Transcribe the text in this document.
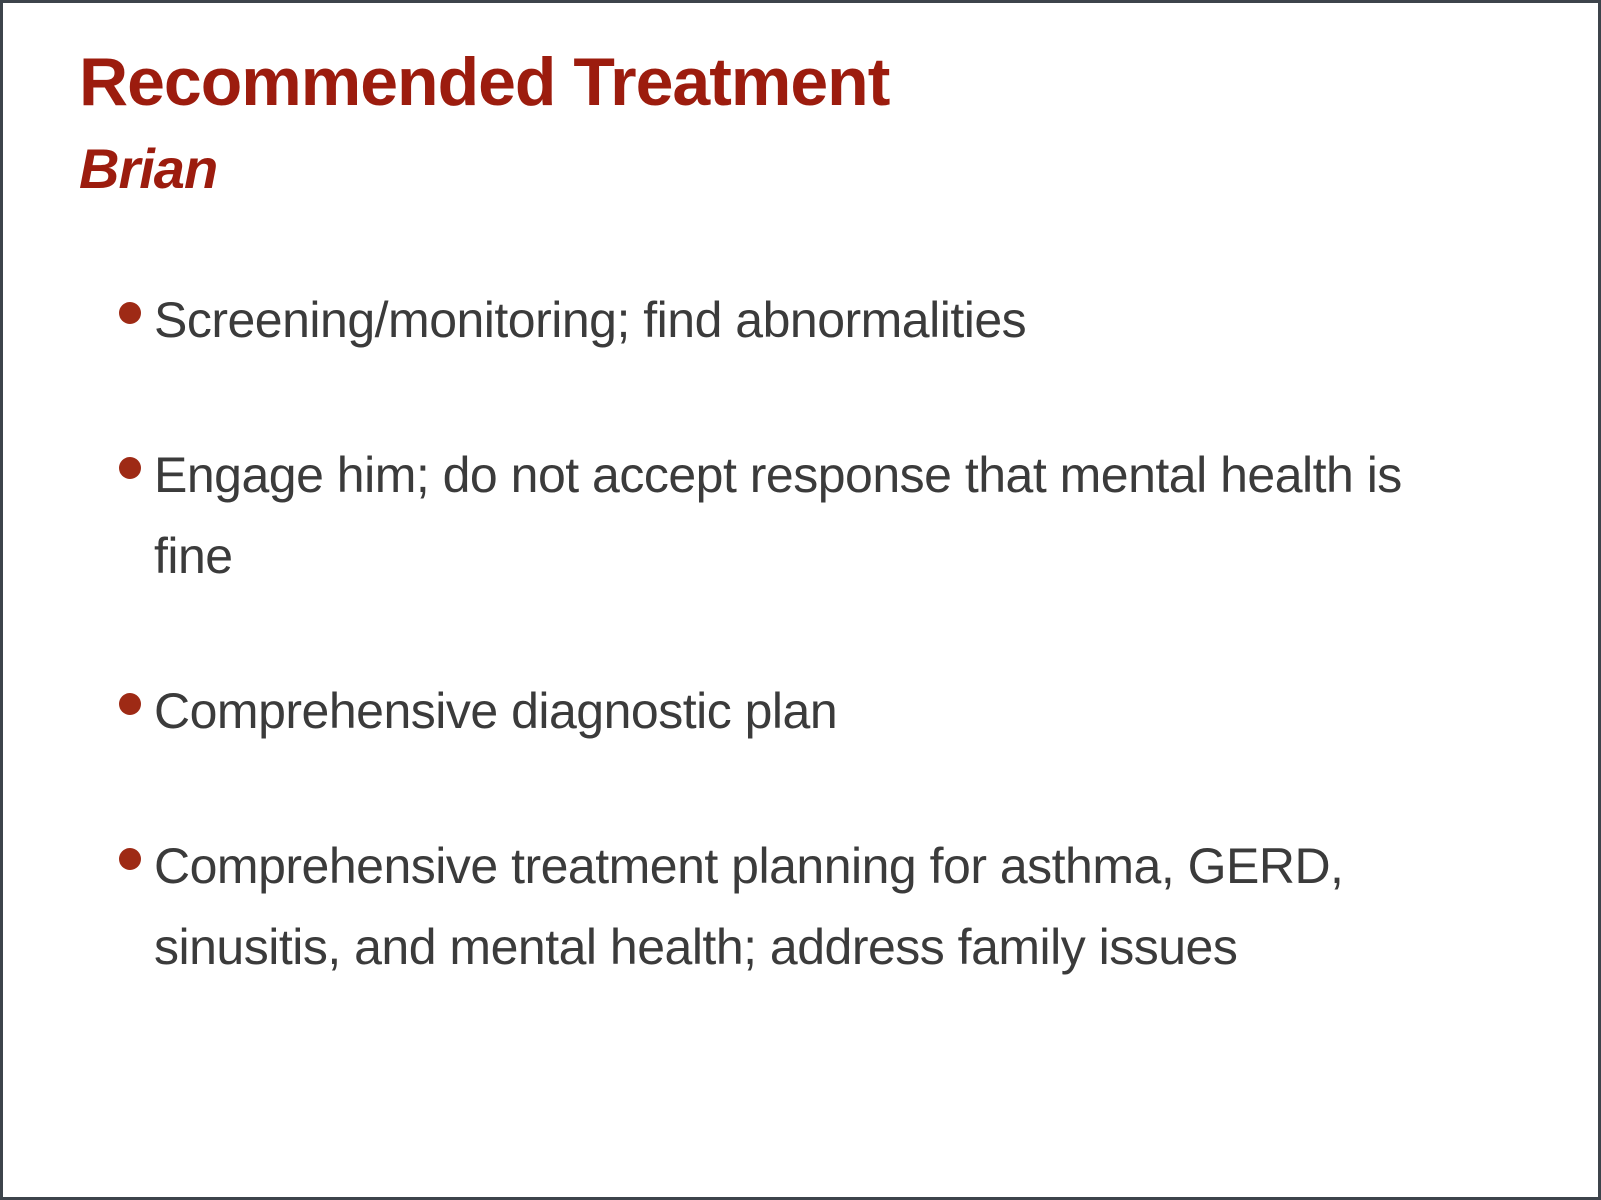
Recommended Treatment
Brian
Screening/monitoring; find abnormalities
Engage him; do not accept response that mental health is fine
Comprehensive diagnostic plan
Comprehensive treatment planning for asthma, GERD, sinusitis, and mental health; address family issues
